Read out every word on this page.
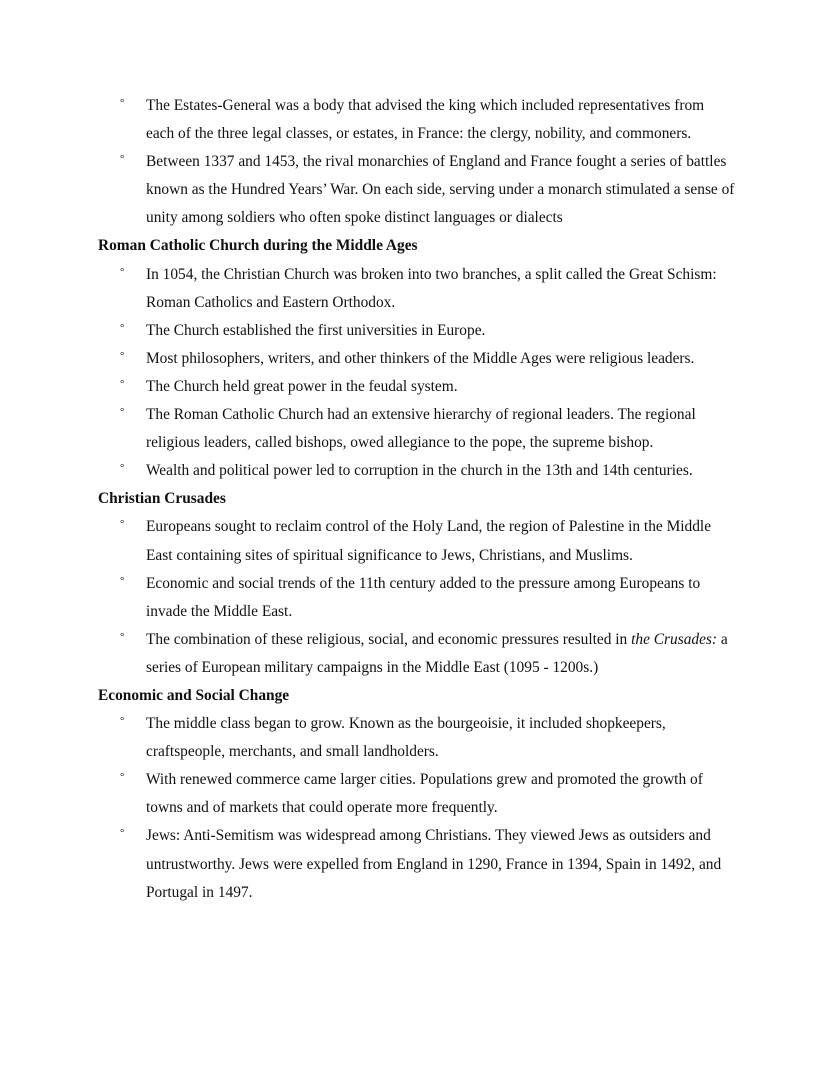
° The Estates-General was a body that advised the king which included representatives from each of the three legal classes, or estates, in France: the clergy, nobility, and commoners.
° Between 1337 and 1453, the rival monarchies of England and France fought a series of battles known as the Hundred Years’ War. On each side, serving under a monarch stimulated a sense of unity among soldiers who often spoke distinct languages or dialects
Roman Catholic Church during the Middle Ages
° In 1054, the Christian Church was broken into two branches, a split called the Great Schism: Roman Catholics and Eastern Orthodox.
° The Church established the first universities in Europe.
° Most philosophers, writers, and other thinkers of the Middle Ages were religious leaders.
° The Church held great power in the feudal system.
° The Roman Catholic Church had an extensive hierarchy of regional leaders. The regional religious leaders, called bishops, owed allegiance to the pope, the supreme bishop.
° Wealth and political power led to corruption in the church in the 13th and 14th centuries.
Christian Crusades
° Europeans sought to reclaim control of the Holy Land, the region of Palestine in the Middle East containing sites of spiritual significance to Jews, Christians, and Muslims.
° Economic and social trends of the 11th century added to the pressure among Europeans to invade the Middle East.
° The combination of these religious, social, and economic pressures resulted in the Crusades: a series of European military campaigns in the Middle East (1095 - 1200s.)
Economic and Social Change
° The middle class began to grow. Known as the bourgeoisie, it included shopkeepers, craftspeople, merchants, and small landholders.
° With renewed commerce came larger cities. Populations grew and promoted the growth of towns and of markets that could operate more frequently.
° Jews: Anti-Semitism was widespread among Christians. They viewed Jews as outsiders and untrustworthy. Jews were expelled from England in 1290, France in 1394, Spain in 1492, and Portugal in 1497.
